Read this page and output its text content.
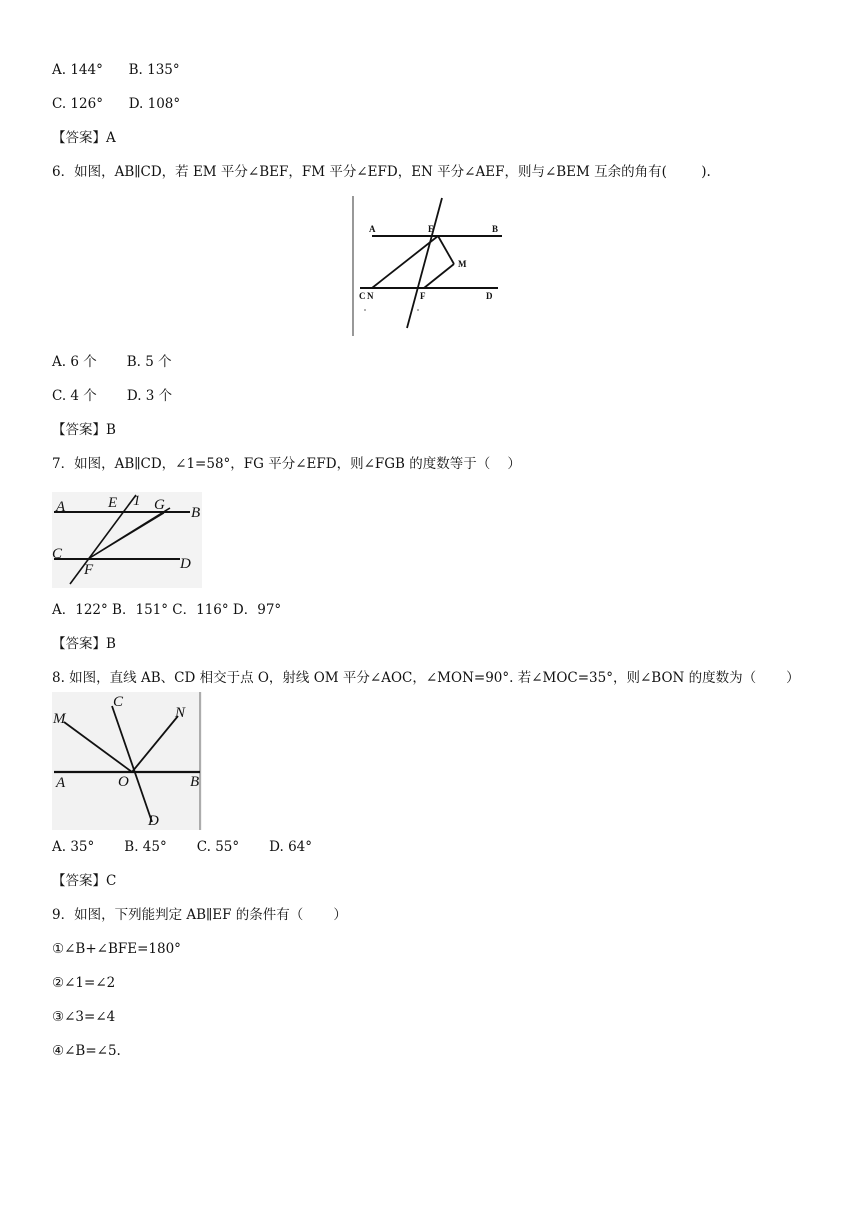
A. 144°      B. 135°
C. 126°      D. 108°
【答案】A
6．如图，AB∥CD，若 EM 平分∠BEF，FM 平分∠EFD，EN 平分∠AEF，则与∠BEM 互余的角有(        ).
A	E	B
M
C N	F	D
A. 6 个       B. 5 个
C. 4 个       D. 3 个
【答案】B
7．如图，AB∥CD，∠1=58°，FG 平分∠EFD，则∠FGB 的度数等于（    ）
A	E 1 G B
C
F	D
A．122° B．151° C．116° D．97°
【答案】B
8. 如图，直线 AB、CD 相交于点 O，射线 OM 平分∠AOC，∠MON=90°. 若∠MOC=35°，则∠BON 的度数为（       ）
M
C
N
A	O	B
D
A. 35°       B. 45°       C. 55°       D. 64°
【答案】C
9．如图，下列能判定 AB∥EF 的条件有（       ）
①∠B+∠BFE=180°
②∠1=∠2
③∠3=∠4
④∠B=∠5.
